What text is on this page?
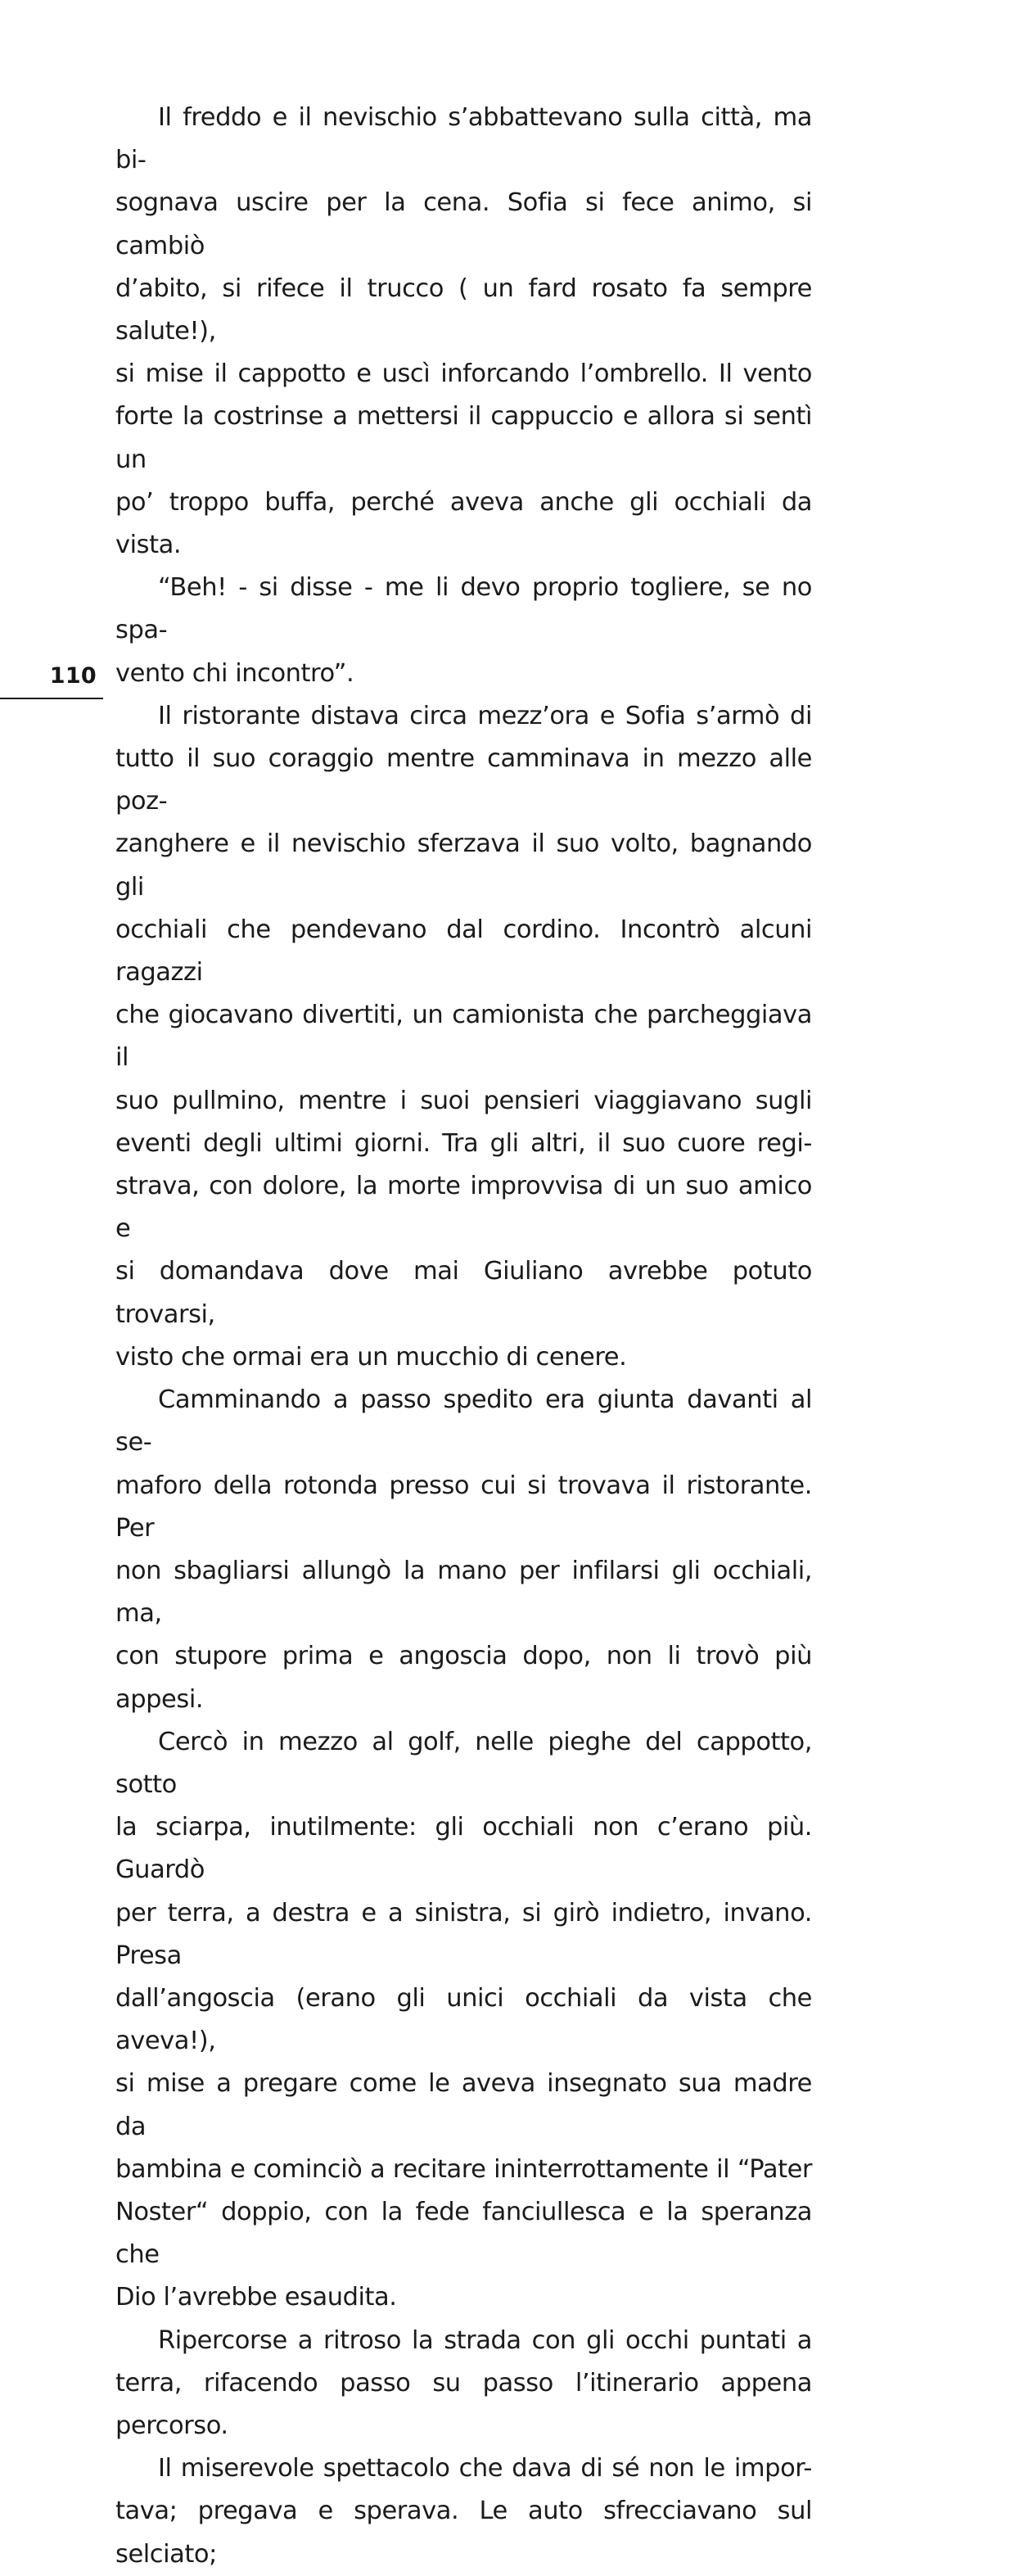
110

Il freddo e il nevischio s’abbattevano sulla città, ma bi-
sognava uscire per la cena. Sofia si fece animo, si cambiò
d’abito, si rifece il trucco ( un fard rosato fa sempre salute!),
si mise il cappotto e uscì inforcando l’ombrello. Il vento
forte la costrinse a mettersi il cappuccio e allora si sentì un
po’ troppo buffa, perché aveva anche gli occhiali da vista.

“Beh! - si disse - me li devo proprio togliere, se no spa-
vento chi incontro”.

Il ristorante distava circa mezz’ora e Sofia s’armò di
tutto il suo coraggio mentre camminava in mezzo alle poz-
zanghere e il nevischio sferzava il suo volto, bagnando gli
occhiali che pendevano dal cordino. Incontrò alcuni ragazzi
che giocavano divertiti, un camionista che parcheggiava il
suo pullmino, mentre i suoi pensieri viaggiavano sugli
eventi degli ultimi giorni. Tra gli altri, il suo cuore regi-
strava, con dolore, la morte improvvisa di un suo amico e
si domandava dove mai Giuliano avrebbe potuto trovarsi,
visto che ormai era un mucchio di cenere.

Camminando a passo spedito era giunta davanti al se-
maforo della rotonda presso cui si trovava il ristorante. Per
non sbagliarsi allungò la mano per infilarsi gli occhiali, ma,
con stupore prima e angoscia dopo, non li trovò più appesi.

Cercò in mezzo al golf, nelle pieghe del cappotto, sotto
la sciarpa, inutilmente: gli occhiali non c’erano più. Guardò
per terra, a destra e a sinistra, si girò indietro, invano. Presa
dall’angoscia (erano gli unici occhiali da vista che aveva!),
si mise a pregare come le aveva insegnato sua madre da
bambina e cominciò a recitare ininterrottamente il “Pater
Noster“ doppio, con la fede fanciullesca e la speranza che
Dio l’avrebbe esaudita.

Ripercorse a ritroso la strada con gli occhi puntati a
terra, rifacendo passo su passo l’itinerario appena percorso.

Il miserevole spettacolo che dava di sé non le impor-
tava; pregava e sperava. Le auto sfrecciavano sul selciato;
